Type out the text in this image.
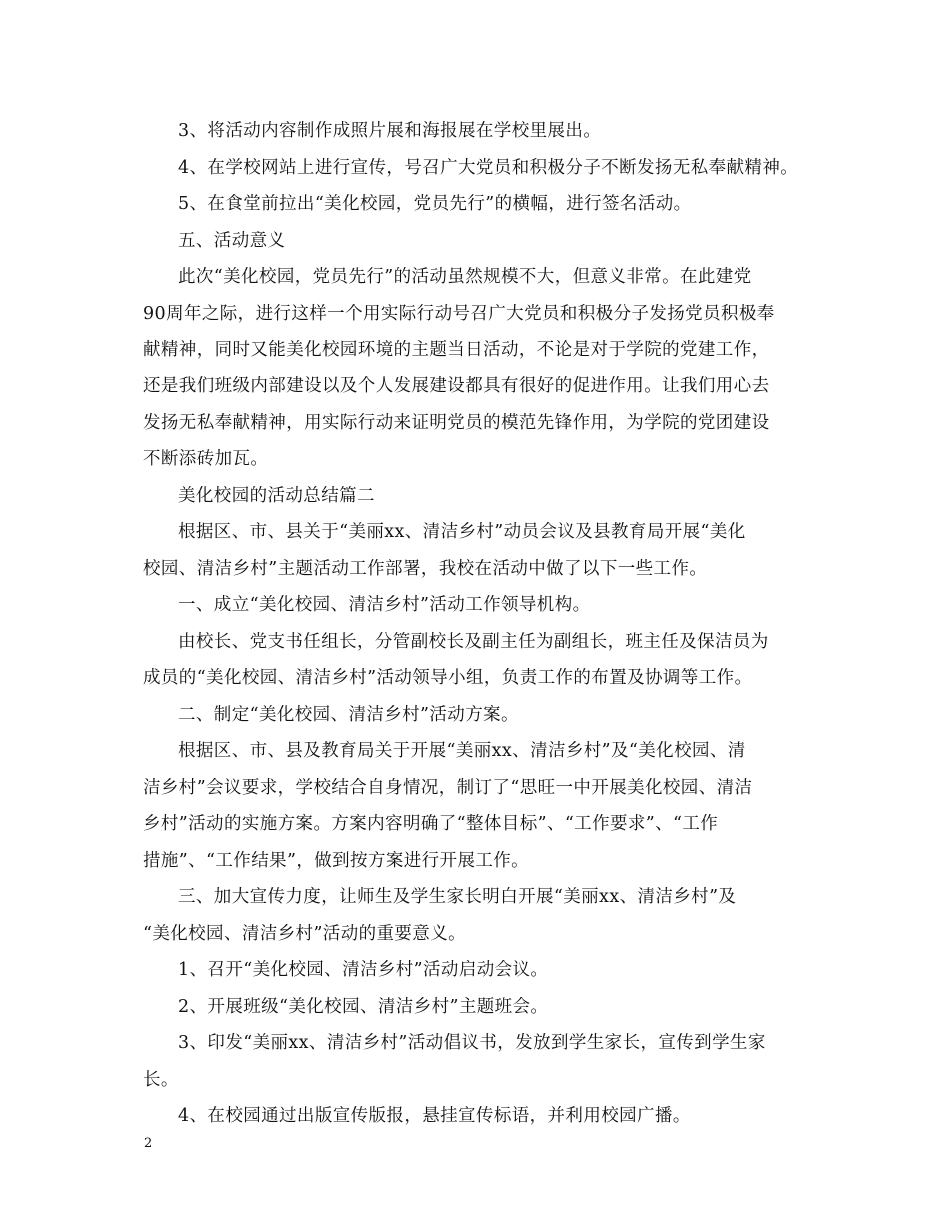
3、将活动内容制作成照片展和海报展在学校里展出。
4、在学校网站上进行宣传，号召广大党员和积极分子不断发扬无私奉献精神。
5、在食堂前拉出“美化校园，党员先行”的横幅，进行签名活动。
五、活动意义
此次“美化校园，党员先行”的活动虽然规模不大，但意义非常。在此建党
90周年之际，进行这样一个用实际行动号召广大党员和积极分子发扬党员积极奉
献精神，同时又能美化校园环境的主题当日活动，不论是对于学院的党建工作，
还是我们班级内部建设以及个人发展建设都具有很好的促进作用。让我们用心去
发扬无私奉献精神，用实际行动来证明党员的模范先锋作用，为学院的党团建设
不断添砖加瓦。
美化校园的活动总结篇二
根据区、市、县关于“美丽xx、清洁乡村”动员会议及县教育局开展“美化
校园、清洁乡村”主题活动工作部署，我校在活动中做了以下一些工作。
一、成立“美化校园、清洁乡村”活动工作领导机构。
由校长、党支书任组长，分管副校长及副主任为副组长，班主任及保洁员为
成员的“美化校园、清洁乡村”活动领导小组，负责工作的布置及协调等工作。
二、制定“美化校园、清洁乡村”活动方案。
根据区、市、县及教育局关于开展“美丽xx、清洁乡村”及“美化校园、清
洁乡村”会议要求，学校结合自身情况，制订了“思旺一中开展美化校园、清洁
乡村”活动的实施方案。方案内容明确了“整体目标”、“工作要求”、“工作
措施”、“工作结果”，做到按方案进行开展工作。
三、加大宣传力度，让师生及学生家长明白开展“美丽xx、清洁乡村”及
“美化校园、清洁乡村”活动的重要意义。
1、召开“美化校园、清洁乡村”活动启动会议。
2、开展班级“美化校园、清洁乡村”主题班会。
3、印发“美丽xx、清洁乡村”活动倡议书，发放到学生家长，宣传到学生家
长。
4、在校园通过出版宣传版报，悬挂宣传标语，并利用校园广播。
2
